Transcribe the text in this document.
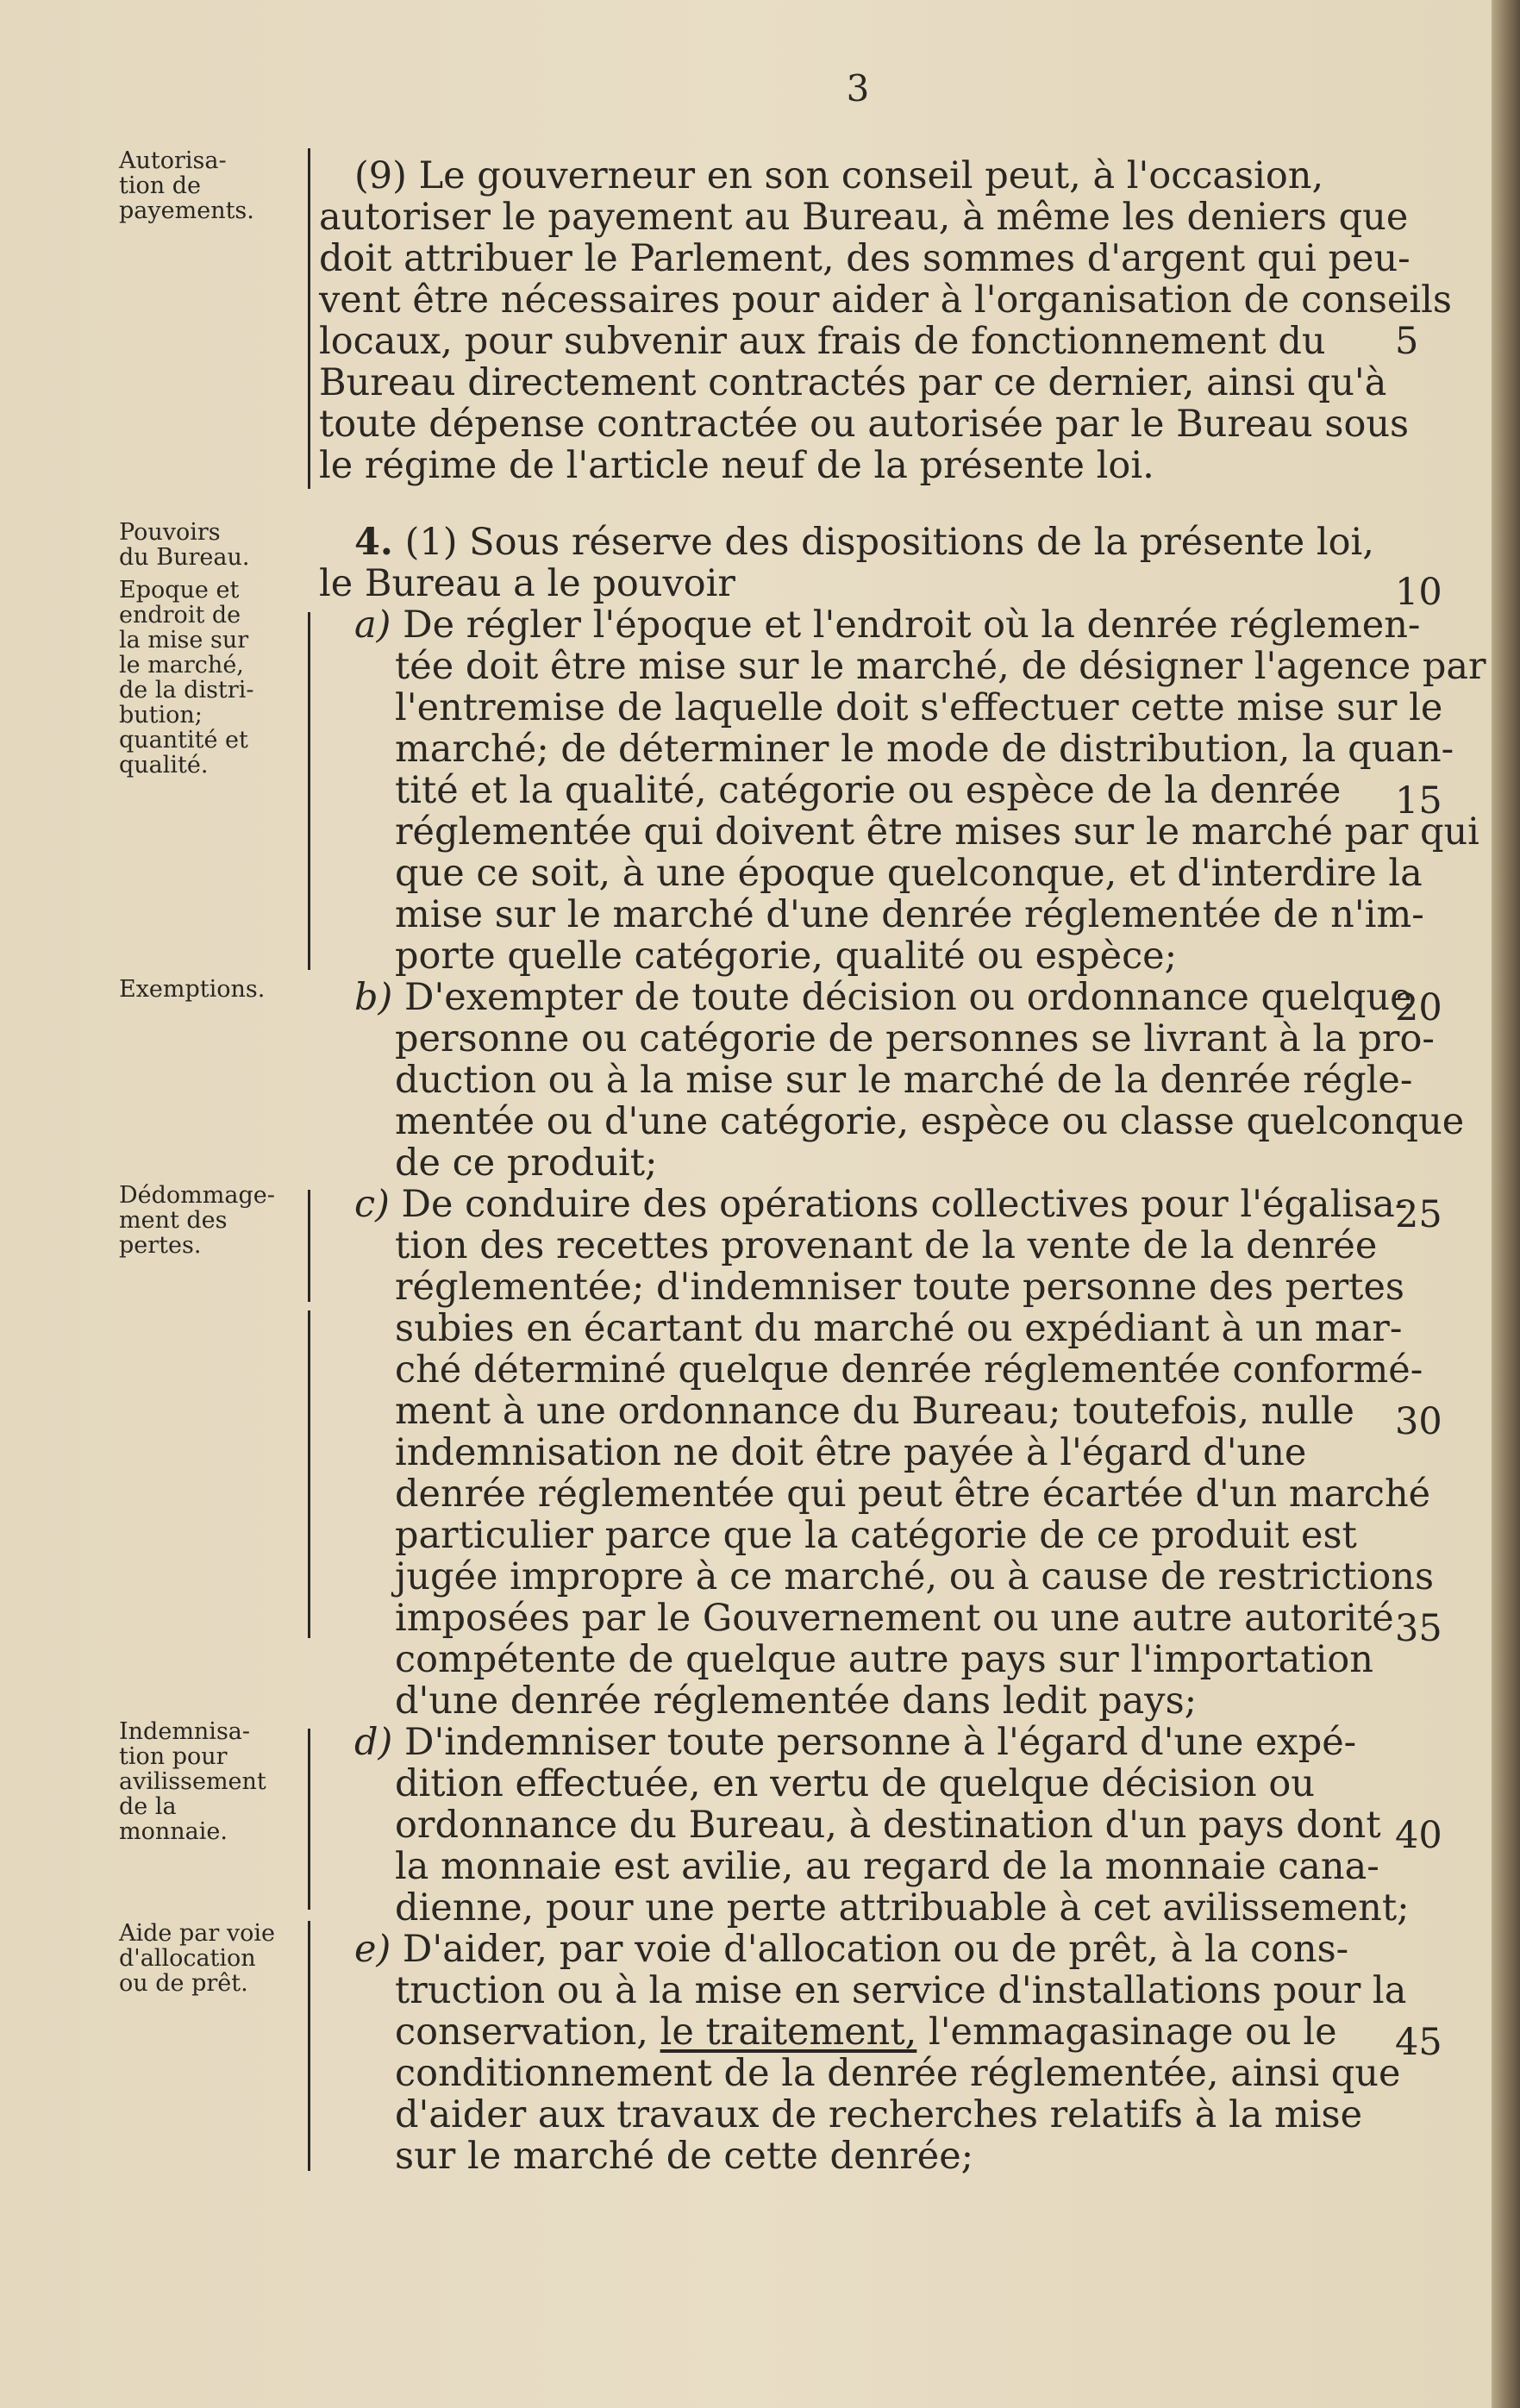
3
Autorisa-
tion de
payements.
Pouvoirs
du Bureau.
Epoque et
endroit de
la mise sur
le marché,
de la distri-
bution;
quantité et
qualité.
Exemptions.
Dédommage-
ment des
pertes.
Indemnisa-
tion pour
avilissement
de la
monnaie.
Aide par voie
d'allocation
ou de prêt.
(9) Le gouverneur en son conseil peut, à l'occasion,
autoriser le payement au Bureau, à même les deniers que
doit attribuer le Parlement, des sommes d'argent qui peu-
vent être nécessaires pour aider à l'organisation de conseils
locaux, pour subvenir aux frais de fonctionnement du
Bureau directement contractés par ce dernier, ainsi qu'à
toute dépense contractée ou autorisée par le Bureau sous
le régime de l'article neuf de la présente loi.
4. (1) Sous réserve des dispositions de la présente loi,
le Bureau a le pouvoir
a) De régler l'époque et l'endroit où la denrée réglemen-
tée doit être mise sur le marché, de désigner l'agence par
l'entremise de laquelle doit s'effectuer cette mise sur le
marché; de déterminer le mode de distribution, la quan-
tité et la qualité, catégorie ou espèce de la denrée
réglementée qui doivent être mises sur le marché par qui
que ce soit, à une époque quelconque, et d'interdire la
mise sur le marché d'une denrée réglementée de n'im-
porte quelle catégorie, qualité ou espèce;
b) D'exempter de toute décision ou ordonnance quelque
personne ou catégorie de personnes se livrant à la pro-
duction ou à la mise sur le marché de la denrée régle-
mentée ou d'une catégorie, espèce ou classe quelconque
de ce produit;
c) De conduire des opérations collectives pour l'égalisa-
tion des recettes provenant de la vente de la denrée
réglementée; d'indemniser toute personne des pertes
subies en écartant du marché ou expédiant à un mar-
ché déterminé quelque denrée réglementée conformé-
ment à une ordonnance du Bureau; toutefois, nulle
indemnisation ne doit être payée à l'égard d'une
denrée réglementée qui peut être écartée d'un marché
particulier parce que la catégorie de ce produit est
jugée impropre à ce marché, ou à cause de restrictions
imposées par le Gouvernement ou une autre autorité
compétente de quelque autre pays sur l'importation
d'une denrée réglementée dans ledit pays;
d) D'indemniser toute personne à l'égard d'une expé-
dition effectuée, en vertu de quelque décision ou
ordonnance du Bureau, à destination d'un pays dont
la monnaie est avilie, au regard de la monnaie cana-
dienne, pour une perte attribuable à cet avilissement;
e) D'aider, par voie d'allocation ou de prêt, à la cons-
truction ou à la mise en service d'installations pour la
conservation, le traitement, l'emmagasinage ou le
conditionnement de la denrée réglementée, ainsi que
d'aider aux travaux de recherches relatifs à la mise
sur le marché de cette denrée;
5
10
15
20
25
30
35
40
45
